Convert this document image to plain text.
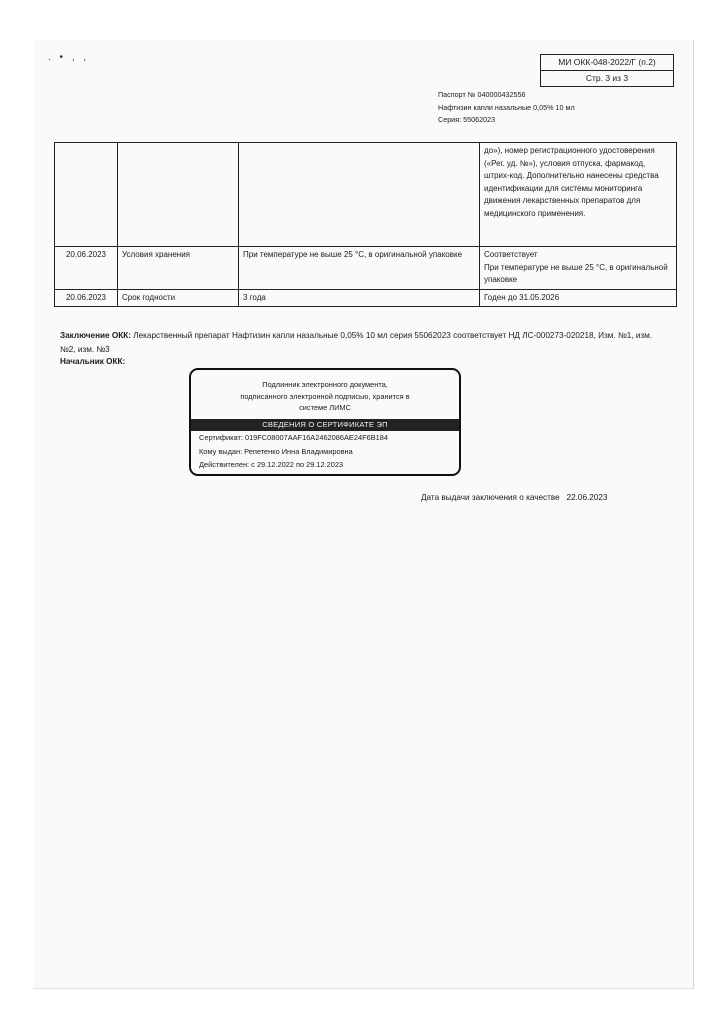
. • , ,	МИ ОКК-048-2022/Г (п.2)
Стр. 3 из 3
Паспорт № 040000432556
Нафтизин капли назальные 0,05% 10 мл
Серия: 55062023
			до»), номер регистрационного удостоверения («Рег. уд. №»), условия отпуска, фармакод, штрих-код. Дополнительно нанесены средства идентификации для системы мониторинга движения лекарственных препаратов для медицинского применения.
20.06.2023	Условия хранения	При температуре не выше 25 °С, в оригинальной упаковке	Соответствует
При температуре не выше 25 °С, в оригинальной упаковке

20.06.2023	Срок годности	3 года	Годен до 31.05.2026
Заключение ОКК: Лекарственный препарат Нафтизин капли назальные 0,05% 10 мл серия 55062023 соответствует НД ЛС-000273-020218, Изм. №1, изм. №2, изм. №3
Начальник ОКК:
Подлинник электронного документа,
подписанного электронной подписью, хранится в
системе ЛИМС
СВЕДЕНИЯ О СЕРТИФИКАТЕ ЭП
Сертификат: 019FC08007AAF16A2462086AE24F6B184
Кому выдан: Репетенко Инна Владимировна
Действителен: с 29.12.2022 по 29.12.2023
Дата выдачи заключения о качестве 22.06.2023
